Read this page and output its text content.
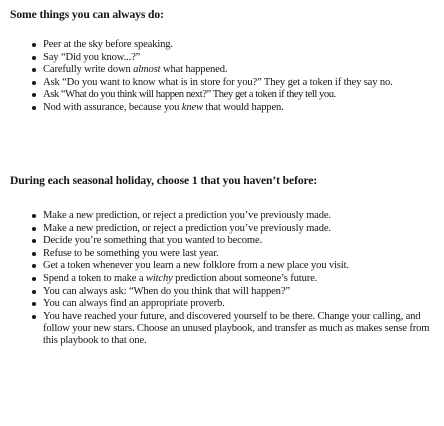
Some things you can always do:
Peer at the sky before speaking.
Say “Did you know...?”
Carefully write down almost what happened.
Ask “Do you want to know what is in store for you?” They get a token if they say no.
Ask “What do you think will happen next?” They get a token if they tell you.
Nod with assurance, because you knew that would happen.
During each seasonal holiday, choose 1 that you haven’t before:
Make a new prediction, or reject a prediction you’ve previously made.
Make a new prediction, or reject a prediction you’ve previously made.
Decide you’re something that you wanted to become.
Refuse to be something you were last year.
Get a token whenever you learn a new folklore from a new place you visit.
Spend a token to make a witchy prediction about someone’s future.
You can always ask: “When do you think that will happen?”
You can always find an appropriate proverb.
You have reached your future, and discovered yourself to be there. Change your calling, and follow your new stars. Choose an unused playbook, and transfer as much as makes sense from this playbook to that one.
